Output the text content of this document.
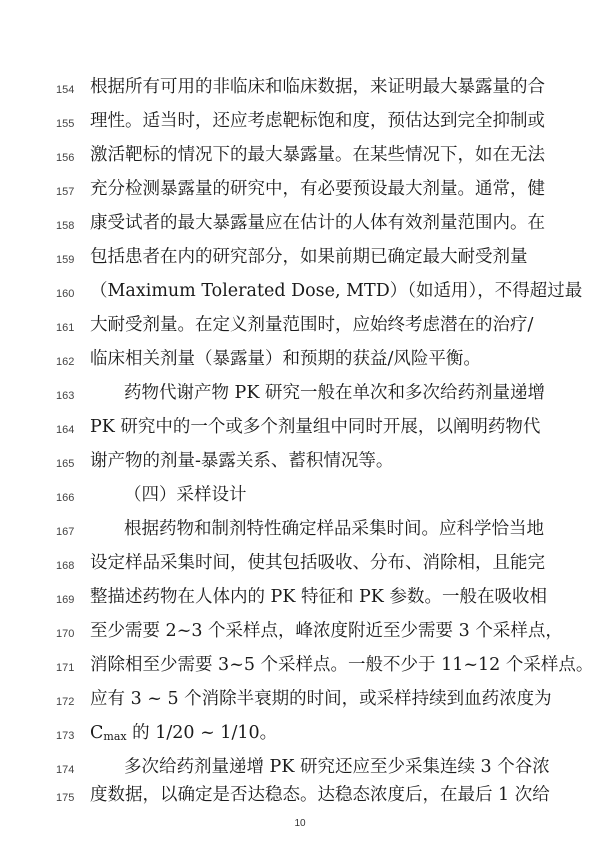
154 根据所有可用的非临床和临床数据，来证明最大暴露量的合
155 理性。适当时，还应考虑靶标饱和度，预估达到完全抑制或
156 激活靶标的情况下的最大暴露量。在某些情况下，如在无法
157 充分检测暴露量的研究中，有必要预设最大剂量。通常，健
158 康受试者的最大暴露量应在估计的人体有效剂量范围内。在
159 包括患者在内的研究部分，如果前期已确定最大耐受剂量
160 （Maximum Tolerated Dose, MTD）（如适用），不得超过最
161 大耐受剂量。在定义剂量范围时，应始终考虑潜在的治疗/
162 临床相关剂量（暴露量）和预期的获益/风险平衡。
163	药物代谢产物 PK 研究一般在单次和多次给药剂量递增
164 PK 研究中的一个或多个剂量组中同时开展，以阐明药物代
165 谢产物的剂量-暴露关系、蓄积情况等。
166	（四）采样设计
167	根据药物和制剂特性确定样品采集时间。应科学恰当地
168 设定样品采集时间，使其包括吸收、分布、消除相，且能完
169 整描述药物在人体内的 PK 特征和 PK 参数。一般在吸收相
170 至少需要 2~3 个采样点，峰浓度附近至少需要 3 个采样点，
171 消除相至少需要 3~5 个采样点。一般不少于 11~12 个采样点。
172 应有 3 ~ 5 个消除半衰期的时间，或采样持续到血药浓度为
173 $C_{max}$ 的 1/20 ~ 1/10。
174	多次给药剂量递增 PK 研究还应至少采集连续 3 个谷浓
175 度数据，以确定是否达稳态。达稳态浓度后，在最后 1 次给
10
